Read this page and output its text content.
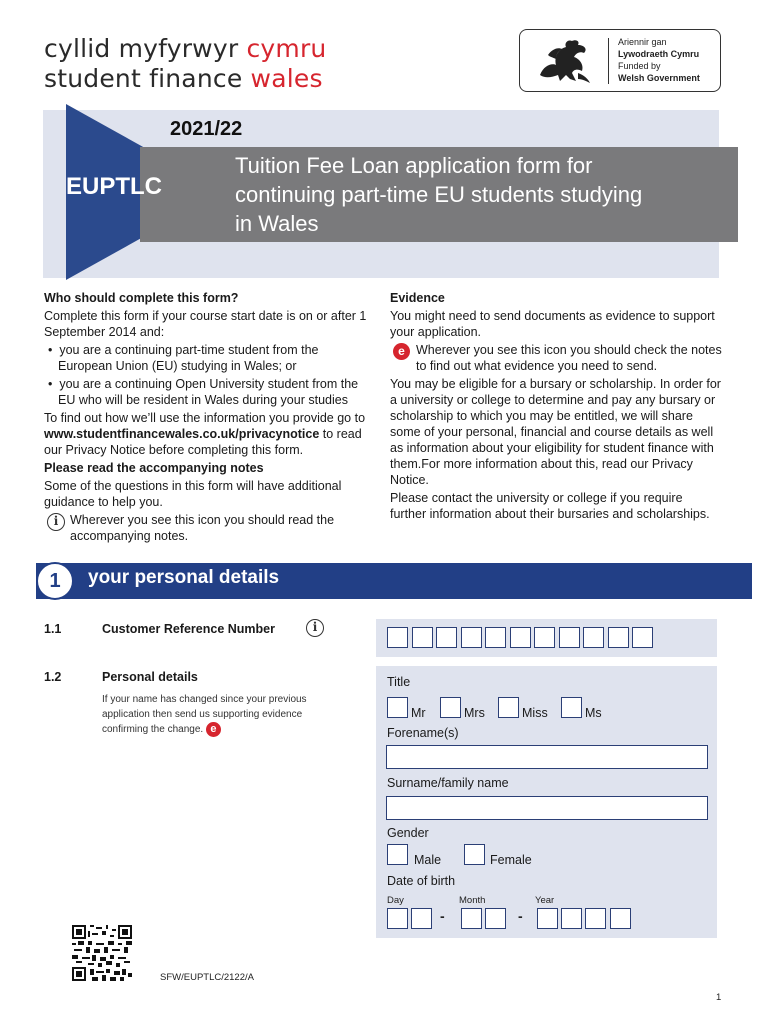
cyllid myfyrwyr cymru
student finance wales
Ariennir gan
Lywodraeth Cymru
Funded by
Welsh Government
2021/22
EUPTLC
Tuition Fee Loan application form for continuing part-time EU students studying in Wales

Who should complete this form?

Complete this form if your course start date is on or after 1 September 2014 and:

•  you are a continuing part-time student from the European Union (EU) studying in Wales; or
•  you are a continuing Open University student from the EU who will be resident in Wales during your studies

To find out how we’ll use the information you provide go to www.studentfinancewales.co.uk/privacynotice to read our Privacy Notice before completing this form.

Please read the accompanying notes

Some of the questions in this form will have additional guidance to help you.

i Wherever you see this icon you should read the accompanying notes.

Evidence

You might need to send documents as evidence to support your application.

e Wherever you see this icon you should check the notes to find out what evidence you need to send.

You may be eligible for a bursary or scholarship. In order for a university or college to determine and pay any bursary or scholarship to which you may be entitled, we will share some of your personal, financial and course details as well as information about your eligibility for student finance with them.For more information about this, read our Privacy Notice.

Please contact the university or college if you require further information about their bursaries and scholarships.

1	your personal details
1.1	Customer Reference Number	i
1.2	Personal details
If your name has changed since your previous application then send us supporting evidence confirming the change. e
Title
Mr	Mrs	Miss	Ms
Forename(s)
Surname/family name
Gender
Male	Female
Date of birth
Day	Month	Year
-	-
SFW/EUPTLC/2122/A
1
